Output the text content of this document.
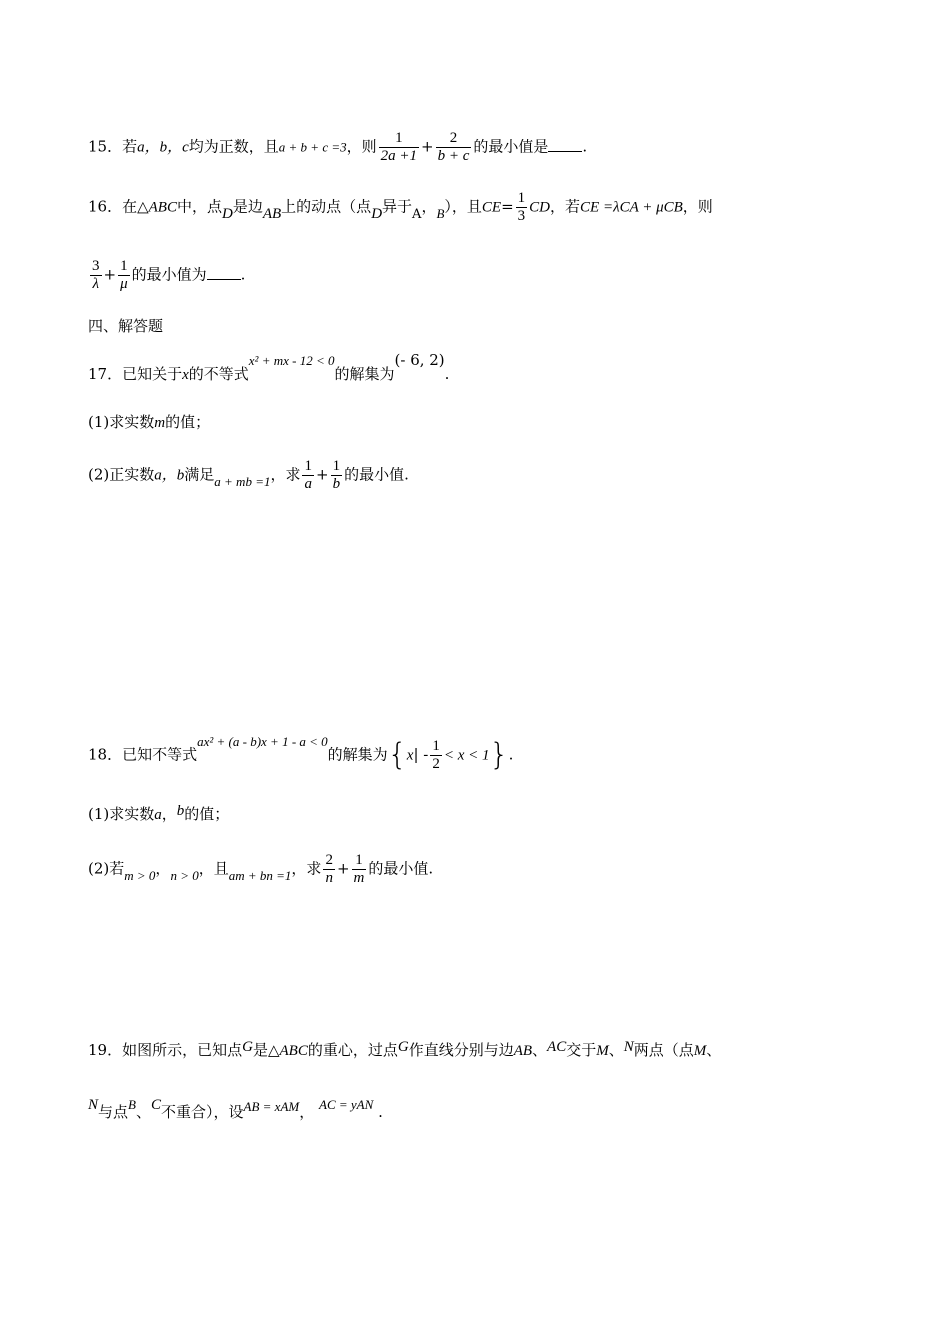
15．若a，b，c均为正数，且a + b + c =3，则 $\frac{1}{2a +1} + \frac{2}{b + c}$ 的最小值是 .
16．在△ABC中，点D是边AB上的动点（点D异于A，B），且$CE= \frac{1}{3}$ CD，若CE =λCA + μCB，则
$\frac{3}{\lambda} + \frac{1}{\mu}$ 的最小值为 .
四、解答题
17．已知关于x的不等式x² + mx - 12 < 0的解集为(- 6, 2).
(1)求实数m的值；
(2)正实数a，b满足a + mb =1，求 $\frac{1}{a} + \frac{1}{b}$ 的最小值.
18．已知不等式ax² + (a - b)x + 1 - a < 0的解集为$\{x| - \frac{1}{2} < x < 1\}$.
(1)求实数a，b的值；
(2)若m > 0，n > 0，且am + bn =1，求 $\frac{2}{n} + \frac{1}{m}$ 的最小值.
19．如图所示，已知点G是△ABC的重心，过点G作直线分别与边AB、AC交于M、N两点（点M、
N与点B、C不重合），设AB = xAM， AC = yAN .
